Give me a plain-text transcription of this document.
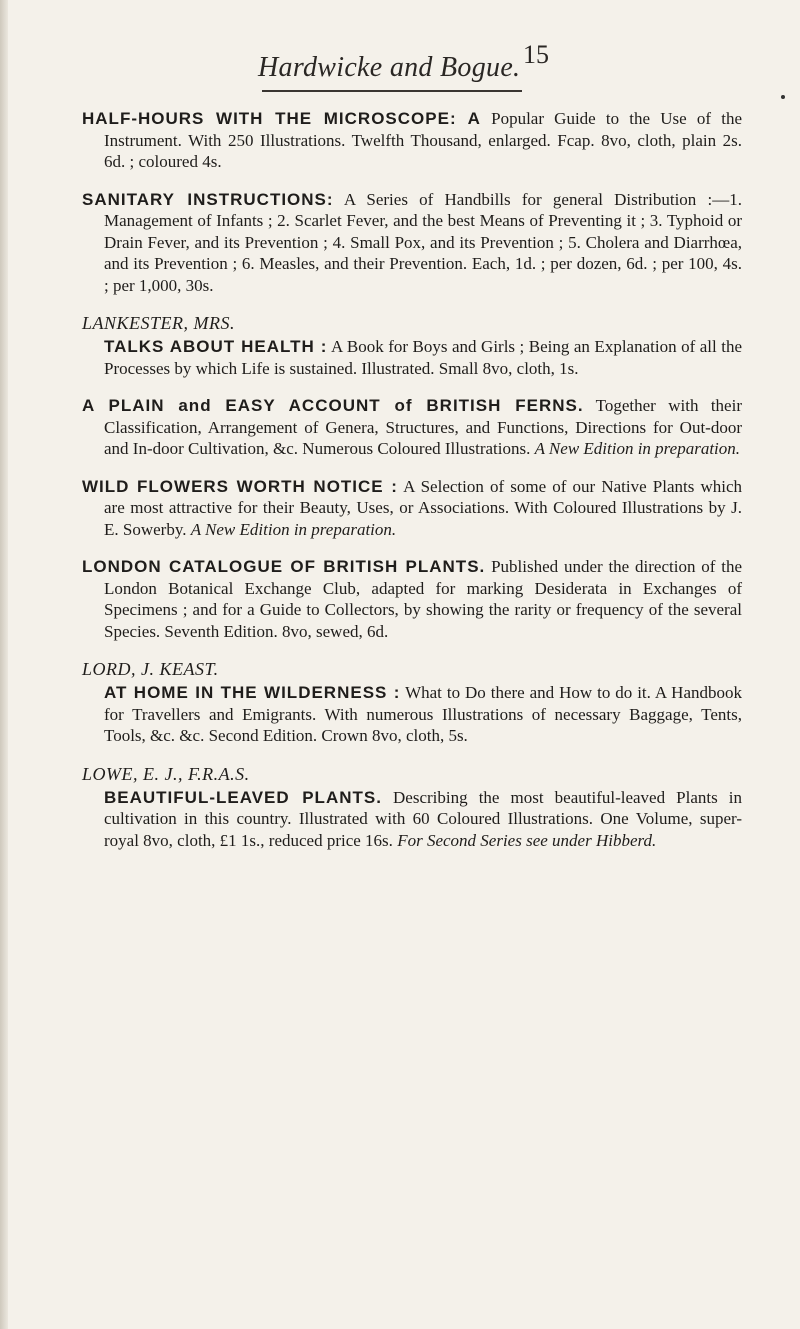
Hardwicke and Bogue. 15
HALF-HOURS WITH THE MICROSCOPE: A Popular Guide to the Use of the Instrument. With 250 Illustrations. Twelfth Thousand, enlarged. Fcap. 8vo, cloth, plain 2s. 6d. ; coloured 4s.
SANITARY INSTRUCTIONS: A Series of Handbills for general Distribution :—1. Management of Infants ; 2. Scarlet Fever, and the best Means of Preventing it ; 3. Typhoid or Drain Fever, and its Prevention ; 4. Small Pox, and its Prevention ; 5. Cholera and Diarrhœa, and its Prevention ; 6. Measles, and their Prevention. Each, 1d. ; per dozen, 6d. ; per 100, 4s. ; per 1,000, 30s.
LANKESTER, MRS.
TALKS ABOUT HEALTH : A Book for Boys and Girls ; Being an Explanation of all the Processes by which Life is sustained. Illustrated. Small 8vo, cloth, 1s.
A PLAIN and EASY ACCOUNT of BRITISH FERNS. Together with their Classification, Arrangement of Genera, Structures, and Functions, Directions for Out-door and In-door Cultivation, &c. Numerous Coloured Illustrations. A New Edition in preparation.
WILD FLOWERS WORTH NOTICE : A Selection of some of our Native Plants which are most attractive for their Beauty, Uses, or Associations. With Coloured Illustrations by J. E. Sowerby. A New Edition in preparation.
LONDON CATALOGUE OF BRITISH PLANTS. Published under the direction of the London Botanical Exchange Club, adapted for marking Desiderata in Exchanges of Specimens ; and for a Guide to Collectors, by showing the rarity or frequency of the several Species. Seventh Edition. 8vo, sewed, 6d.
LORD, J. KEAST.
AT HOME IN THE WILDERNESS : What to Do there and How to do it. A Handbook for Travellers and Emigrants. With numerous Illustrations of necessary Baggage, Tents, Tools, &c. &c. Second Edition. Crown 8vo, cloth, 5s.
LOWE, E. J., F.R.A.S.
BEAUTIFUL-LEAVED PLANTS. Describing the most beautiful-leaved Plants in cultivation in this country. Illustrated with 60 Coloured Illustrations. One Volume, super-royal 8vo, cloth, £1 1s., reduced price 16s. For Second Series see under Hibberd.
